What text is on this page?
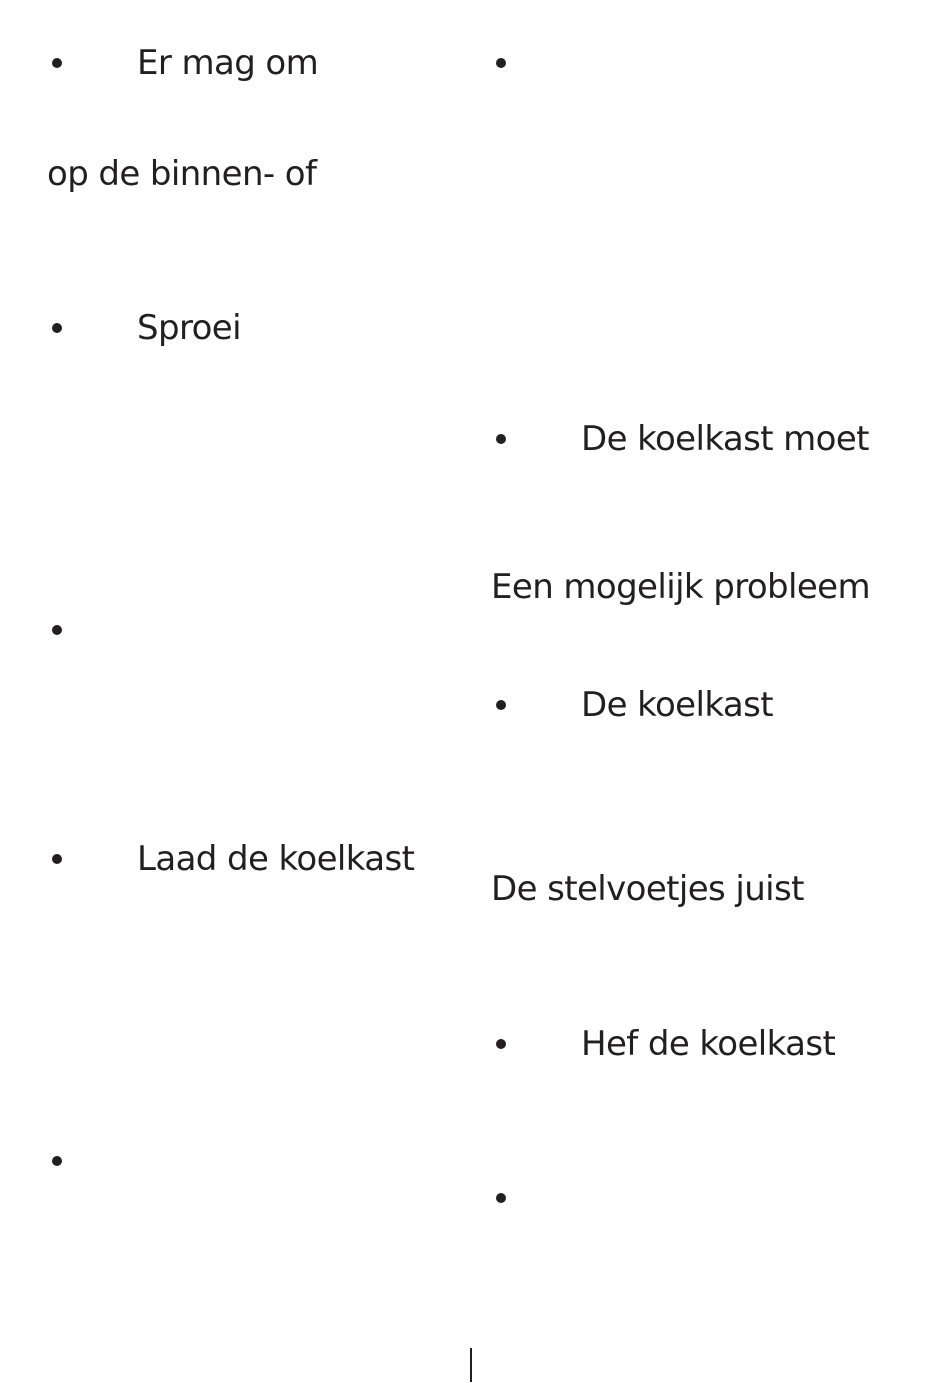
Er mag om
op de binnen- of
Sproei
Laad de koelkast
De koelkast moet
Een mogelijk probleem
De koelkast
De stelvoetjes juist
Hef de koelkast
